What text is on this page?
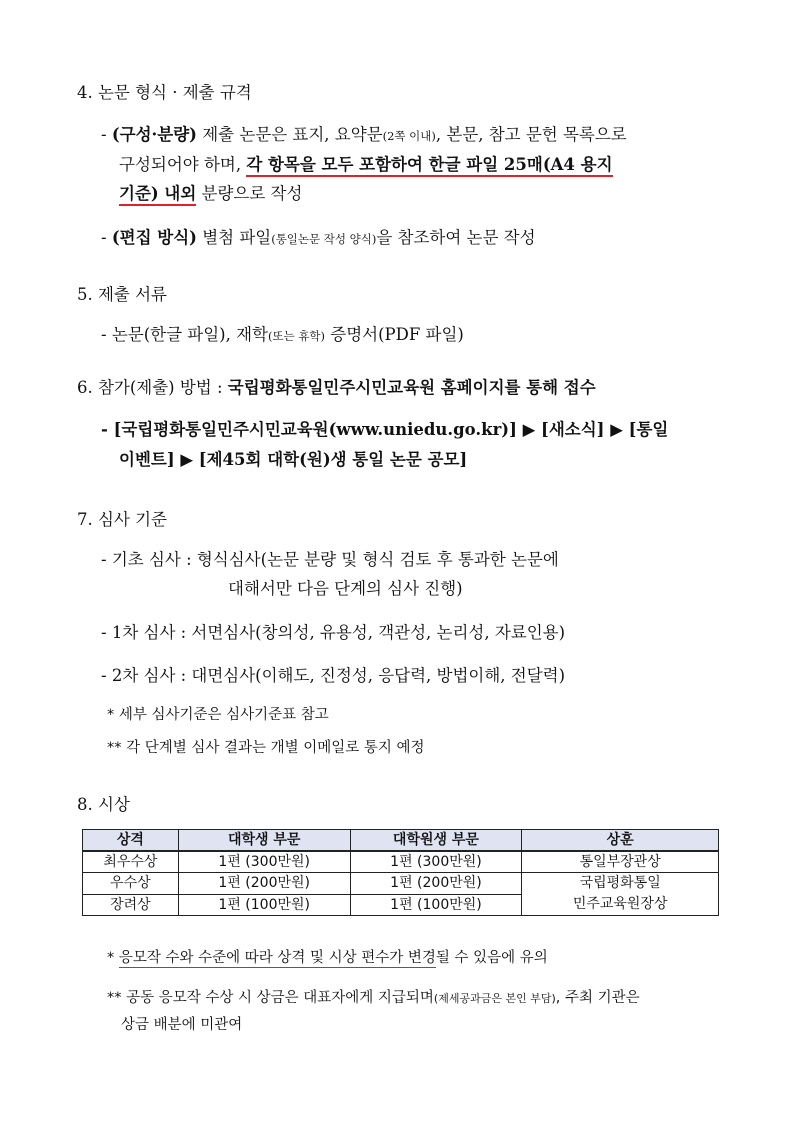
4. 논문 형식 · 제출 규격
- (구성·분량) 제출 논문은 표지, 요약문(2쪽 이내), 본문, 참고 문헌 목록으로
구성되어야 하며, 각 항목을 모두 포함하여 한글 파일 25매(A4 용지
기준) 내외 분량으로 작성
- (편집 방식) 별첨 파일(통일논문 작성 양식)을 참조하여 논문 작성
5. 제출 서류
- 논문(한글 파일), 재학(또는 휴학) 증명서(PDF 파일)
6. 참가(제출) 방법 : 국립평화통일민주시민교육원 홈페이지를 통해 접수
- [국립평화통일민주시민교육원(www.uniedu.go.kr)] ▶ [새소식] ▶ [통일
이벤트] ▶ [제45회 대학(원)생 통일 논문 공모]
7. 심사 기준
- 기초 심사 : 형식심사(논문 분량 및 형식 검토 후 통과한 논문에
대해서만 다음 단계의 심사 진행)
- 1차 심사 : 서면심사(창의성, 유용성, 객관성, 논리성, 자료인용)
- 2차 심사 : 대면심사(이해도, 진정성, 응답력, 방법이해, 전달력)
* 세부 심사기준은 심사기준표 참고
** 각 단계별 심사 결과는 개별 이메일로 통지 예정
8. 시상
상격	대학생 부문	대학원생 부문	상훈
최우수상	1편 (300만원)	1편 (300만원)	통일부장관상
우수상	1편 (200만원)	1편 (200만원)	국립평화통일
민주교육원장상
장려상	1편 (100만원)	1편 (100만원)	
* 응모작 수와 수준에 따라 상격 및 시상 편수가 변경될 수 있음에 유의
** 공동 응모작 수상 시 상금은 대표자에게 지급되며(제세공과금은 본인 부담), 주최 기관은
상금 배분에 미관여
